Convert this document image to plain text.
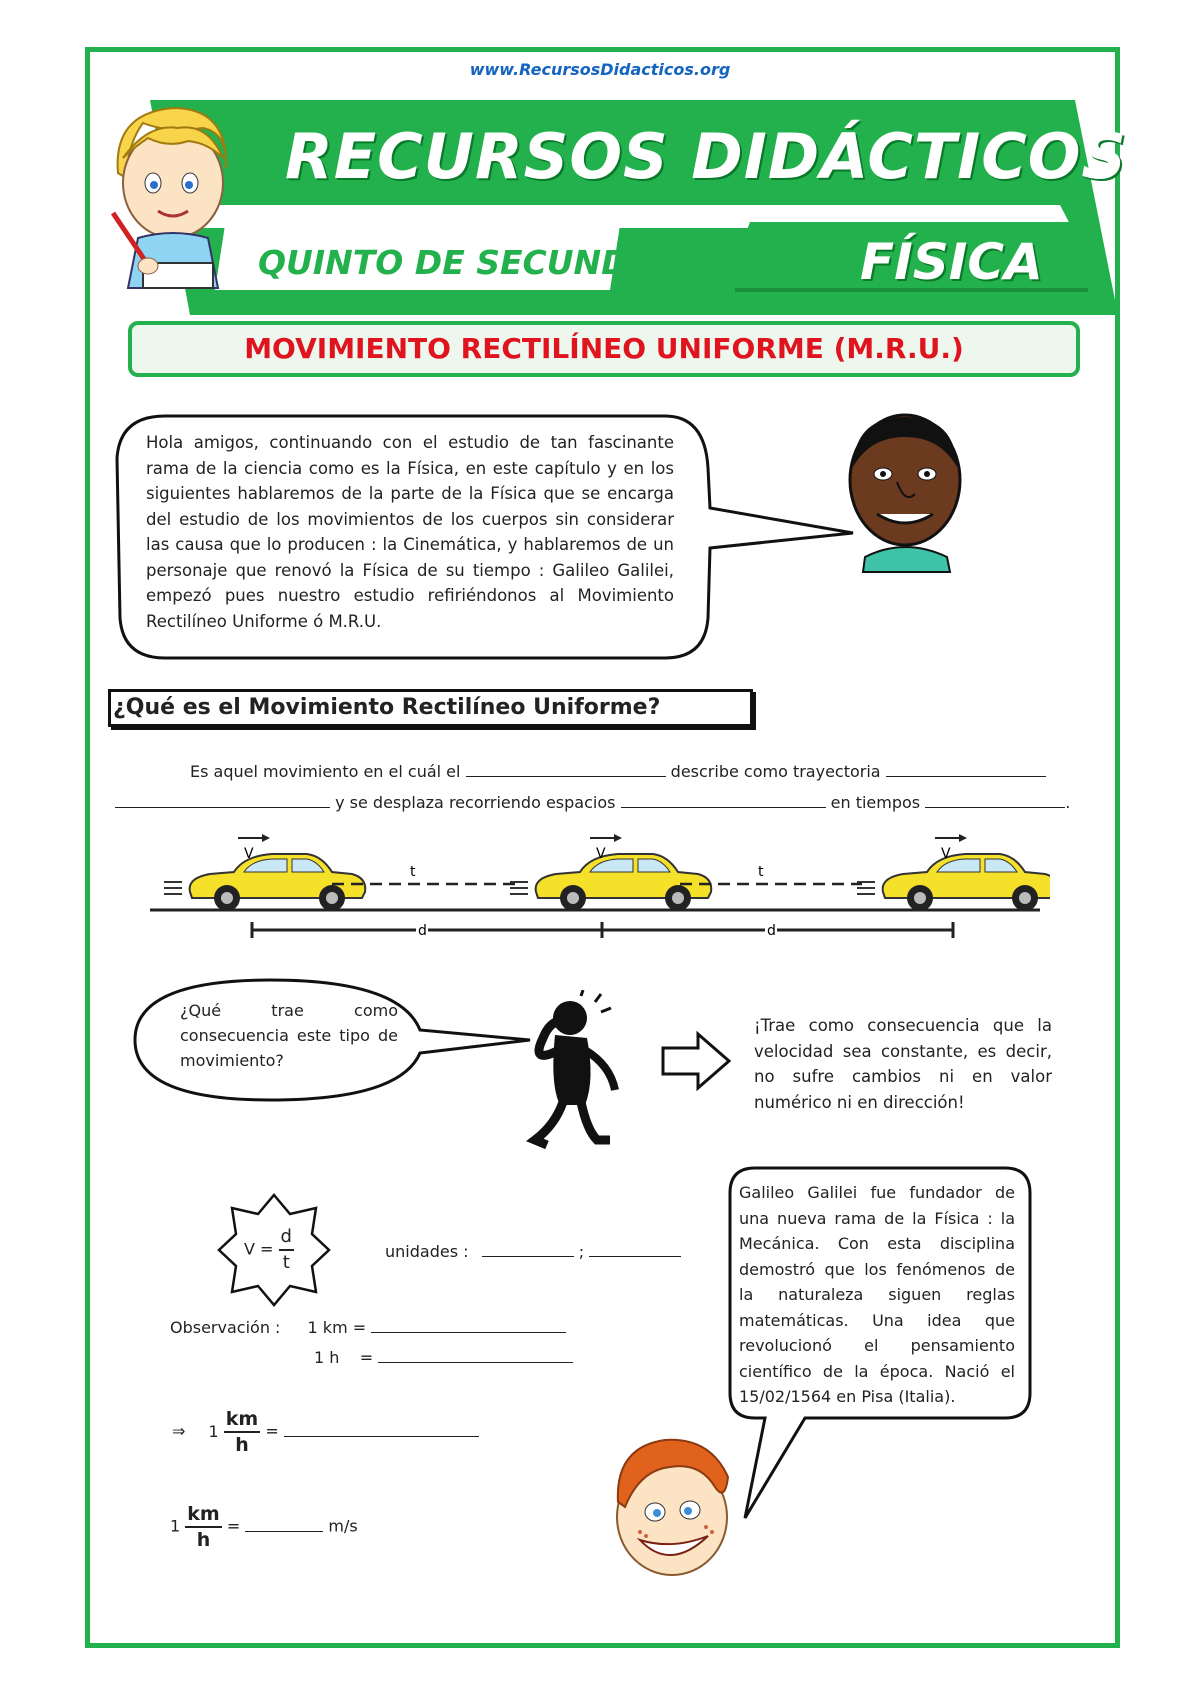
www.RecursosDidacticos.org
RECURSOS DIDÁCTICOS
QUINTO DE SECUNDARIA	FÍSICA
MOVIMIENTO RECTILÍNEO UNIFORME (M.R.U.)
Hola amigos, continuando con el estudio de tan fascinante rama de la ciencia como es la Física, en este capítulo y en los siguientes hablaremos de la parte de la Física que se encarga del estudio de los movimientos de los cuerpos sin considerar las causa que lo producen : la Cinemática, y hablaremos de un personaje que renovó la Física de su tiempo : Galileo Galilei, empezó pues nuestro estudio refiriéndonos al Movimiento Rectilíneo Uniforme ó M.R.U.
¿Qué es el Movimiento Rectilíneo Uniforme?
Es aquel movimiento en el cuál el	describe como trayectoria
y se desplaza recorriendo espacios	en tiempos	.
V	V	V
t	t
d	d
¿Qué trae como consecuencia este tipo de movimiento?
¡Trae como consecuencia que la velocidad sea constante, es decir, no sufre cambios ni en valor numérico ni en dirección!
$V = \frac{d}{t}$	unidades :	;
Observación : 1 km =
1 h    =
⇒ $1 \frac{km}{h}$ =
$1 \frac{km}{h}$ =	m/s
Galileo Galilei fue fundador de una nueva rama de la Física : la Mecánica. Con esta disciplina demostró que los fenómenos de la naturaleza siguen reglas matemáticas. Una idea que revolucionó el pensamiento científico de la época. Nació el 15/02/1564 en Pisa (Italia).
